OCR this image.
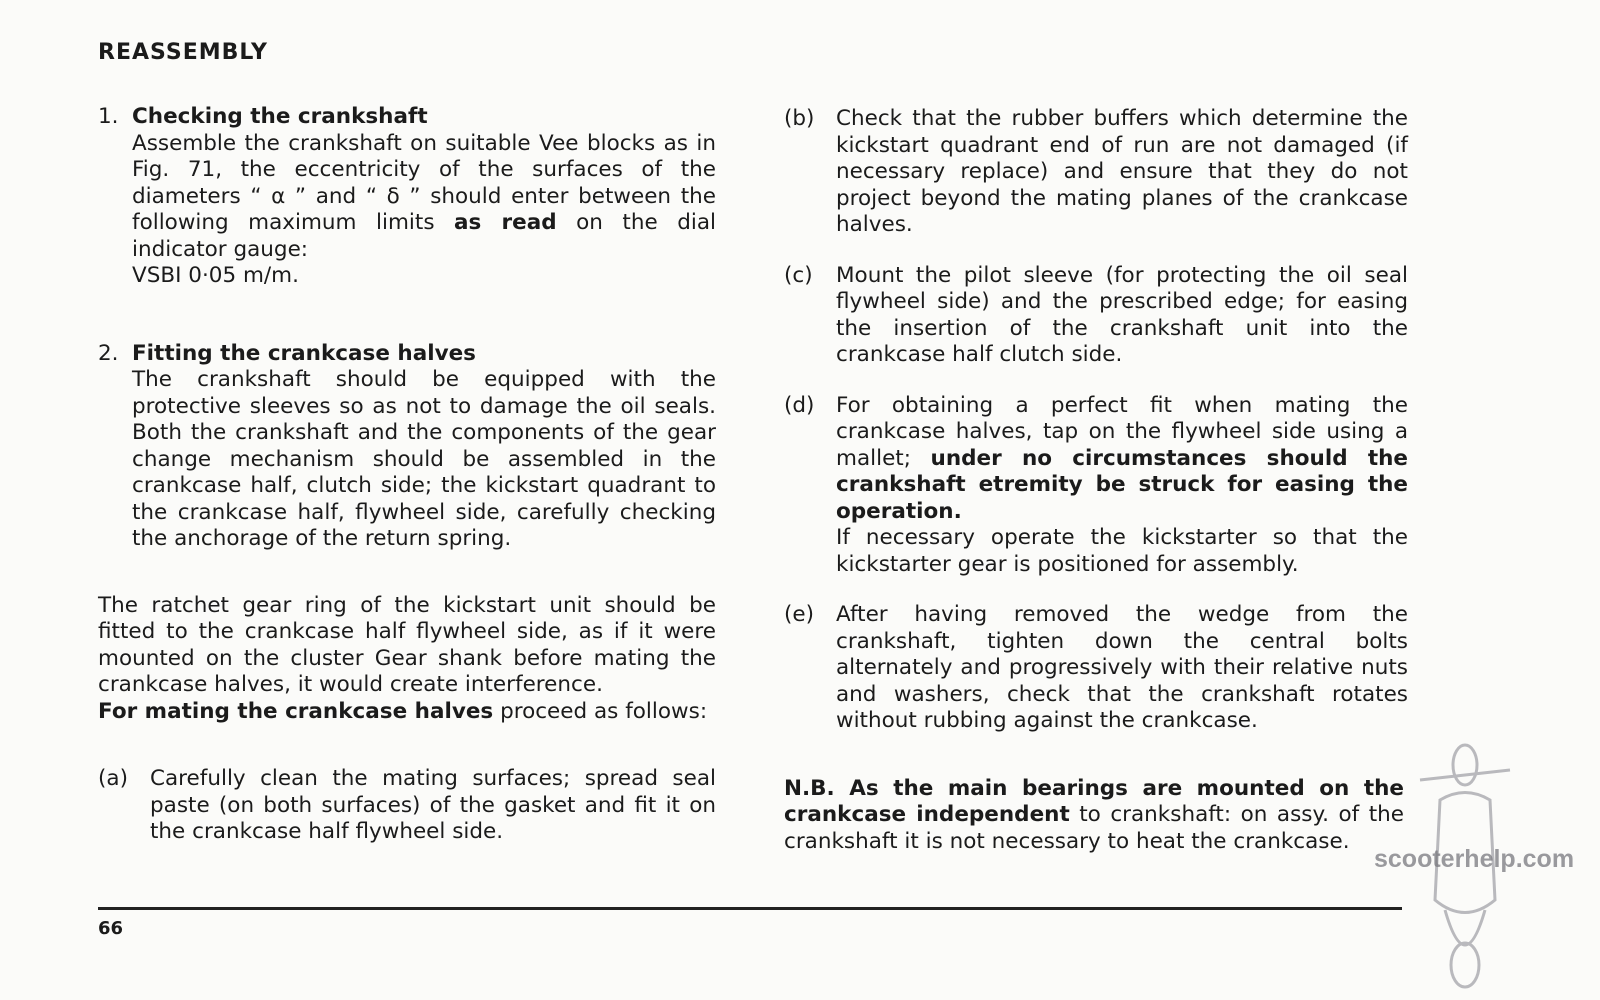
REASSEMBLY
1. Checking the crankshaft

Assemble the crankshaft on suitable Vee blocks as in Fig. 71, the eccentricity of the surfaces of the diameters “ α ” and “ δ ” should enter between the following maximum limits as read on the dial indicator gauge:

VSBI 0·05 m/m.

2. Fitting the crankcase halves

The crankshaft should be equipped with the protective sleeves so as not to damage the oil seals. Both the crankshaft and the components of the gear change mechanism should be assembled in the crankcase half, clutch side; the kickstart quadrant to the crankcase half, flywheel side, carefully checking the anchorage of the return spring.

The ratchet gear ring of the kickstart unit should be fitted to the crankcase half flywheel side, as if it were mounted on the cluster Gear shank before mating the crankcase halves, it would create interference.
For mating the crankcase halves proceed as follows:

(a) Carefully clean the mating surfaces; spread seal paste (on both surfaces) of the gasket and fit it on the crankcase half flywheel side.

(b) Check that the rubber buffers which determine the kickstart quadrant end of run are not damaged (if necessary replace) and ensure that they do not project beyond the mating planes of the crankcase halves.

(c) Mount the pilot sleeve (for protecting the oil seal flywheel side) and the prescribed edge; for easing the insertion of the crankshaft unit into the crankcase half clutch side.

(d) For obtaining a perfect fit when mating the crankcase halves, tap on the flywheel side using a mallet; under no circumstances should the crankshaft etremity be struck for easing the operation.

If necessary operate the kickstarter so that the kickstarter gear is positioned for assembly.

(e) After having removed the wedge from the crankshaft, tighten down the central bolts alternately and progressively with their relative nuts and washers, check that the crankshaft rotates without rubbing against the crankcase.

N.B. As the main bearings are mounted on the crankcase independent to crankshaft: on assy. of the crankshaft it is not necessary to heat the crankcase.

66
scooterhelp.com
